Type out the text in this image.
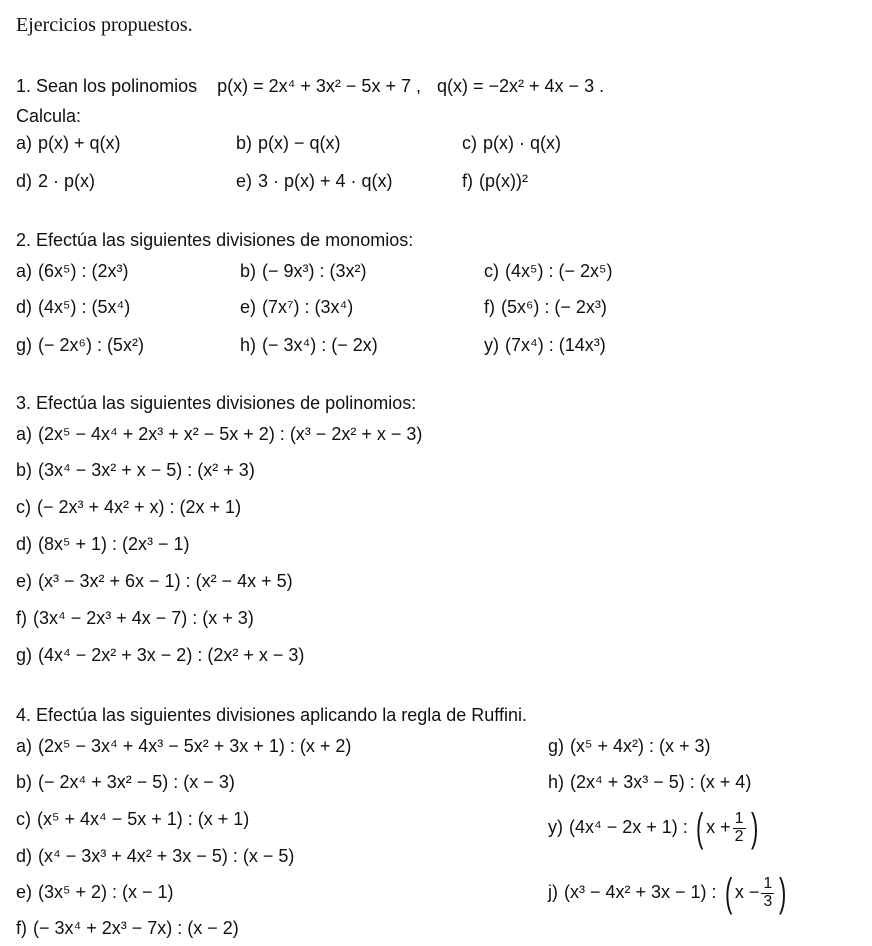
Ejercicios propuestos.
1. Sean los polinomios p(x) = 2x⁴ + 3x² − 5x + 7 , q(x) = −2x² + 4x − 3 .
Calcula:
a) p(x) + q(x)	b) p(x) − q(x)	c) p(x) · q(x)
d) 2 · p(x)	e) 3 · p(x) + 4 · q(x)	f) (p(x))²
2. Efectúa las siguientes divisiones de monomios:
a) (6x⁵) : (2x³)	b) (− 9x³) : (3x²)	c) (4x⁵) : (− 2x⁵)
d) (4x⁵) : (5x⁴)	e) (7x⁷) : (3x⁴)	f) (5x⁶) : (− 2x³)
g) (− 2x⁶) : (5x²)	h) (− 3x⁴) : (− 2x)	y) (7x⁴) : (14x³)
3. Efectúa las siguientes divisiones de polinomios:
a) (2x⁵ − 4x⁴ + 2x³ + x² − 5x + 2) : (x³ − 2x² + x − 3)
b) (3x⁴ − 3x² + x − 5) : (x² + 3)
c) (− 2x³ + 4x² + x) : (2x + 1)
d) (8x⁵ + 1) : (2x³ − 1)
e) (x³ − 3x² + 6x − 1) : (x² − 4x + 5)
f) (3x⁴ − 2x³ + 4x − 7) : (x + 3)
g) (4x⁴ − 2x² + 3x − 2) : (2x² + x − 3)
4. Efectúa las siguientes divisiones aplicando la regla de Ruffini.
a) (2x⁵ − 3x⁴ + 4x³ − 5x² + 3x + 1) : (x + 2)
b) (− 2x⁴ + 3x² − 5) : (x − 3)
c) (x⁵ + 4x⁴ − 5x + 1) : (x + 1)
d) (x⁴ − 3x³ + 4x² + 3x − 5) : (x − 5)
e) (3x⁵ + 2) : (x − 1)
f) (− 3x⁴ + 2x³ − 7x) : (x − 2)
g) (x⁵ + 4x²) : (x + 3)
h) (2x⁴ + 3x³ − 5) : (x + 4)
y) (4x⁴ − 2x + 1) : ( $x + \frac{1}{2}$ )
j) (x³ − 4x² + 3x − 1) : ( $x - \frac{1}{3}$ )
